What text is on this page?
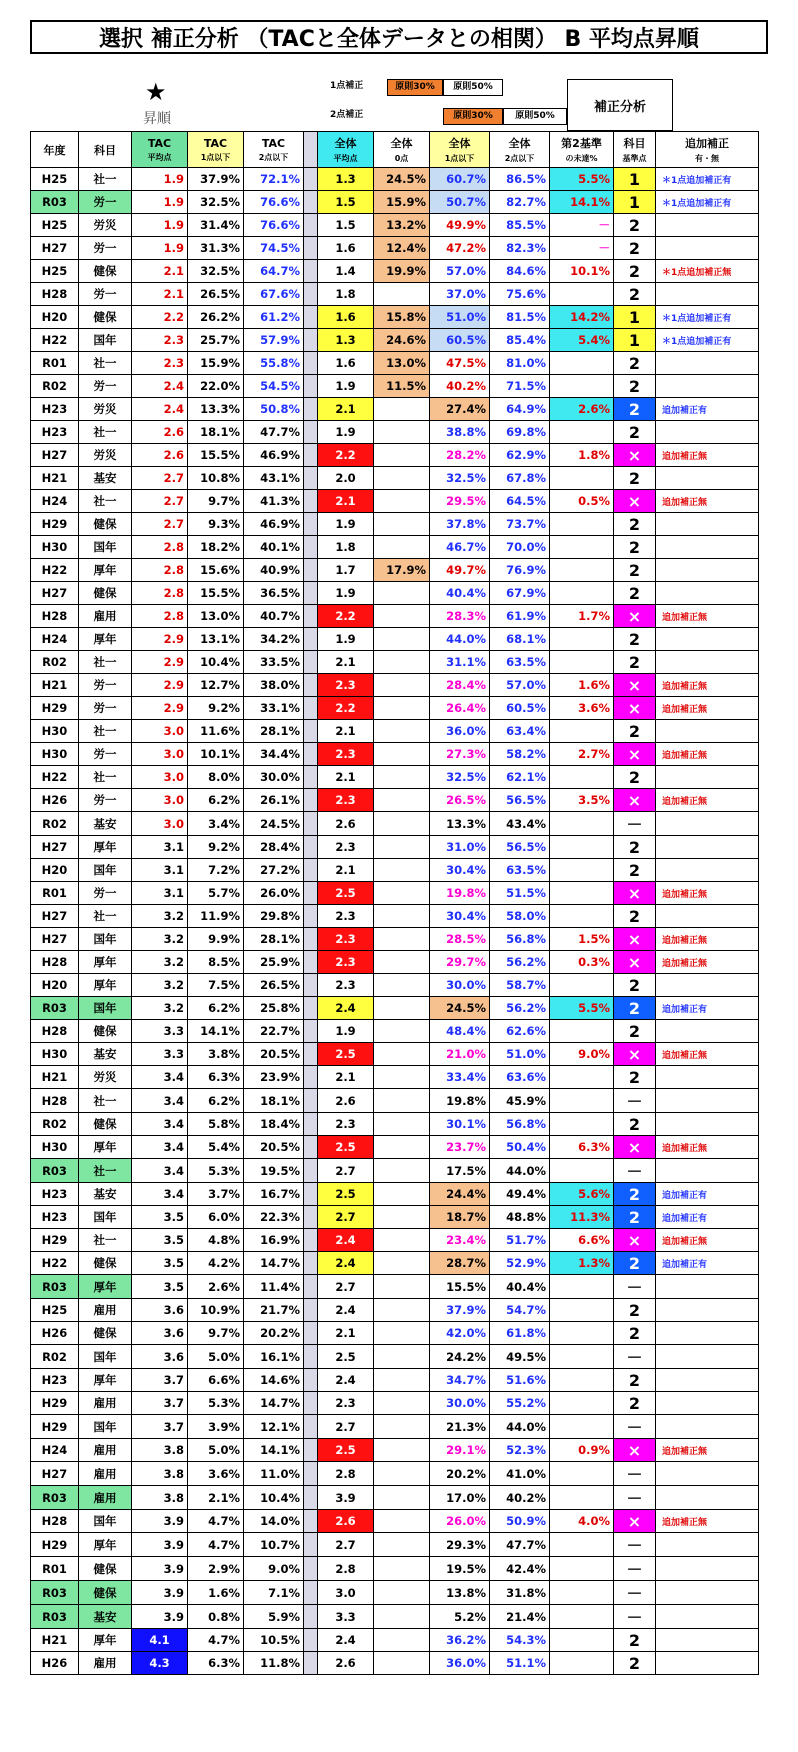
選択 補正分析 （TACと全体データとの相関） B 平均点昇順
★
昇順
1点補正	原則30%	原則50%
2点補正	原則30%	原則50%
補正分析
年度	科目	TAC
平均点	TAC
1点以下	TAC
2点以下		全体
平均点	全体
0点	全体
1点以下	全体
2点以下	第2基準
の未達%	科目
基準点	追加補正
有・無

H25	社一	1.9	37.9%	72.1%		1.3	24.5%	60.7%	86.5%	5.5%	1	＊1点追加補正有
R03	労一	1.9	32.5%	76.6%		1.5	15.9%	50.7%	82.7%	14.1%	1	＊1点追加補正有
H25	労災	1.9	31.4%	76.6%		1.5	13.2%	49.9%	85.5%	－	2	
H27	労一	1.9	31.3%	74.5%		1.6	12.4%	47.2%	82.3%	－	2	
H25	健保	2.1	32.5%	64.7%		1.4	19.9%	57.0%	84.6%	10.1%	2	＊1点追加補正無
H28	労一	2.1	26.5%	67.6%		1.8		37.0%	75.6%		2	
H20	健保	2.2	26.2%	61.2%		1.6	15.8%	51.0%	81.5%	14.2%	1	＊1点追加補正有
H22	国年	2.3	25.7%	57.9%		1.3	24.6%	60.5%	85.4%	5.4%	1	＊1点追加補正有
R01	社一	2.3	15.9%	55.8%		1.6	13.0%	47.5%	81.0%		2	
R02	労一	2.4	22.0%	54.5%		1.9	11.5%	40.2%	71.5%		2	
H23	労災	2.4	13.3%	50.8%		2.1		27.4%	64.9%	2.6%	2	追加補正有
H23	社一	2.6	18.1%	47.7%		1.9		38.8%	69.8%		2	
H27	労災	2.6	15.5%	46.9%		2.2		28.2%	62.9%	1.8%	×	追加補正無
H21	基安	2.7	10.8%	43.1%		2.0		32.5%	67.8%		2	
H24	社一	2.7	9.7%	41.3%		2.1		29.5%	64.5%	0.5%	×	追加補正無
H29	健保	2.7	9.3%	46.9%		1.9		37.8%	73.7%		2	
H30	国年	2.8	18.2%	40.1%		1.8		46.7%	70.0%		2	
H22	厚年	2.8	15.6%	40.9%		1.7	17.9%	49.7%	76.9%		2	
H27	健保	2.8	15.5%	36.5%		1.9		40.4%	67.9%		2	
H28	雇用	2.8	13.0%	40.7%		2.2		28.3%	61.9%	1.7%	×	追加補正無
H24	厚年	2.9	13.1%	34.2%		1.9		44.0%	68.1%		2	
R02	社一	2.9	10.4%	33.5%		2.1		31.1%	63.5%		2	
H21	労一	2.9	12.7%	38.0%		2.3		28.4%	57.0%	1.6%	×	追加補正無
H29	労一	2.9	9.2%	33.1%		2.2		26.4%	60.5%	3.6%	×	追加補正無
H30	社一	3.0	11.6%	28.1%		2.1		36.0%	63.4%		2	
H30	労一	3.0	10.1%	34.4%		2.3		27.3%	58.2%	2.7%	×	追加補正無
H22	社一	3.0	8.0%	30.0%		2.1		32.5%	62.1%		2	
H26	労一	3.0	6.2%	26.1%		2.3		26.5%	56.5%	3.5%	×	追加補正無
R02	基安	3.0	3.4%	24.5%		2.6		13.3%	43.4%		－	
H27	厚年	3.1	9.2%	28.4%		2.3		31.0%	56.5%		2	
H20	国年	3.1	7.2%	27.2%		2.1		30.4%	63.5%		2	
R01	労一	3.1	5.7%	26.0%		2.5		19.8%	51.5%		×	追加補正無
H27	社一	3.2	11.9%	29.8%		2.3		30.4%	58.0%		2	
H27	国年	3.2	9.9%	28.1%		2.3		28.5%	56.8%	1.5%	×	追加補正無
H28	厚年	3.2	8.5%	25.9%		2.3		29.7%	56.2%	0.3%	×	追加補正無
H20	厚年	3.2	7.5%	26.5%		2.3		30.0%	58.7%		2	
R03	国年	3.2	6.2%	25.8%		2.4		24.5%	56.2%	5.5%	2	追加補正有
H28	健保	3.3	14.1%	22.7%		1.9		48.4%	62.6%		2	
H30	基安	3.3	3.8%	20.5%		2.5		21.0%	51.0%	9.0%	×	追加補正無
H21	労災	3.4	6.3%	23.9%		2.1		33.4%	63.6%		2	
H28	社一	3.4	6.2%	18.1%		2.6		19.8%	45.9%		－	
R02	健保	3.4	5.8%	18.4%		2.3		30.1%	56.8%		2	
H30	厚年	3.4	5.4%	20.5%		2.5		23.7%	50.4%	6.3%	×	追加補正無
R03	社一	3.4	5.3%	19.5%		2.7		17.5%	44.0%		－	
H23	基安	3.4	3.7%	16.7%		2.5		24.4%	49.4%	5.6%	2	追加補正有
H23	国年	3.5	6.0%	22.3%		2.7		18.7%	48.8%	11.3%	2	追加補正有
H29	社一	3.5	4.8%	16.9%		2.4		23.4%	51.7%	6.6%	×	追加補正無
H22	健保	3.5	4.2%	14.7%		2.4		28.7%	52.9%	1.3%	2	追加補正有
R03	厚年	3.5	2.6%	11.4%		2.7		15.5%	40.4%		－	
H25	雇用	3.6	10.9%	21.7%		2.4		37.9%	54.7%		2	
H26	健保	3.6	9.7%	20.2%		2.1		42.0%	61.8%		2	
R02	国年	3.6	5.0%	16.1%		2.5		24.2%	49.5%		－	
H23	厚年	3.7	6.6%	14.6%		2.4		34.7%	51.6%		2	
H29	雇用	3.7	5.3%	14.7%		2.3		30.0%	55.2%		2	
H29	国年	3.7	3.9%	12.1%		2.7		21.3%	44.0%		－	
H24	雇用	3.8	5.0%	14.1%		2.5		29.1%	52.3%	0.9%	×	追加補正無
H27	雇用	3.8	3.6%	11.0%		2.8		20.2%	41.0%		－	
R03	雇用	3.8	2.1%	10.4%		3.9		17.0%	40.2%		－	
H28	国年	3.9	4.7%	14.0%		2.6		26.0%	50.9%	4.0%	×	追加補正無
H29	厚年	3.9	4.7%	10.7%		2.7		29.3%	47.7%		－	
R01	健保	3.9	2.9%	9.0%		2.8		19.5%	42.4%		－	
R03	健保	3.9	1.6%	7.1%		3.0		13.8%	31.8%		－	
R03	基安	3.9	0.8%	5.9%		3.3		5.2%	21.4%		－	
H21	厚年	4.1	4.7%	10.5%		2.4		36.2%	54.3%		2	
H26	雇用	4.3	6.3%	11.8%		2.6		36.0%	51.1%		2	
